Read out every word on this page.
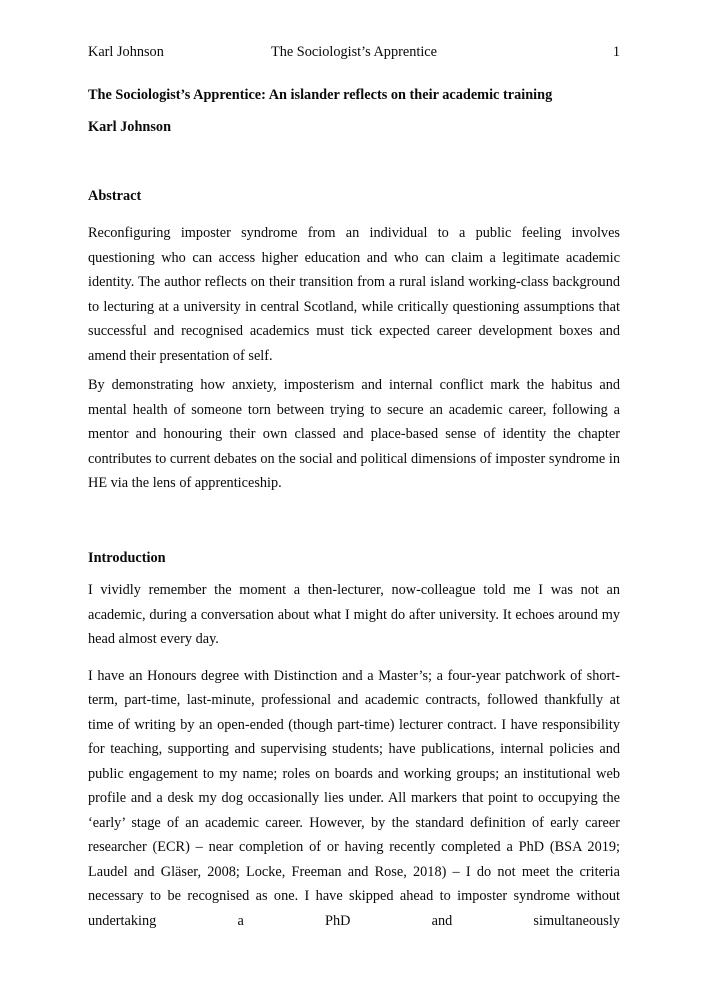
Karl Johnson	The Sociologist’s Apprentice	1

The Sociologist’s Apprentice: An islander reflects on their academic training

Karl Johnson

Abstract

Reconfiguring imposter syndrome from an individual to a public feeling involves questioning who can access higher education and who can claim a legitimate academic identity. The author reflects on their transition from a rural island working-class background to lecturing at a university in central Scotland, while critically questioning assumptions that successful and recognised academics must tick expected career development boxes and amend their presentation of self.

By demonstrating how anxiety, imposterism and internal conflict mark the habitus and mental health of someone torn between trying to secure an academic career, following a mentor and honouring their own classed and place-based sense of identity the chapter contributes to current debates on the social and political dimensions of imposter syndrome in HE via the lens of apprenticeship.

Introduction

I vividly remember the moment a then-lecturer, now-colleague told me I was not an academic, during a conversation about what I might do after university. It echoes around my head almost every day.

I have an Honours degree with Distinction and a Master’s; a four-year patchwork of short-term, part-time, last-minute, professional and academic contracts, followed thankfully at time of writing by an open-ended (though part-time) lecturer contract. I have responsibility for teaching, supporting and supervising students; have publications, internal policies and public engagement to my name; roles on boards and working groups; an institutional web profile and a desk my dog occasionally lies under. All markers that point to occupying the ‘early’ stage of an academic career. However, by the standard definition of early career researcher (ECR) – near completion of or having recently completed a PhD (BSA 2019; Laudel and Gläser, 2008; Locke, Freeman and Rose, 2018) – I do not meet the criteria necessary to be recognised as one. I have skipped ahead to imposter syndrome without undertaking a PhD and simultaneously
